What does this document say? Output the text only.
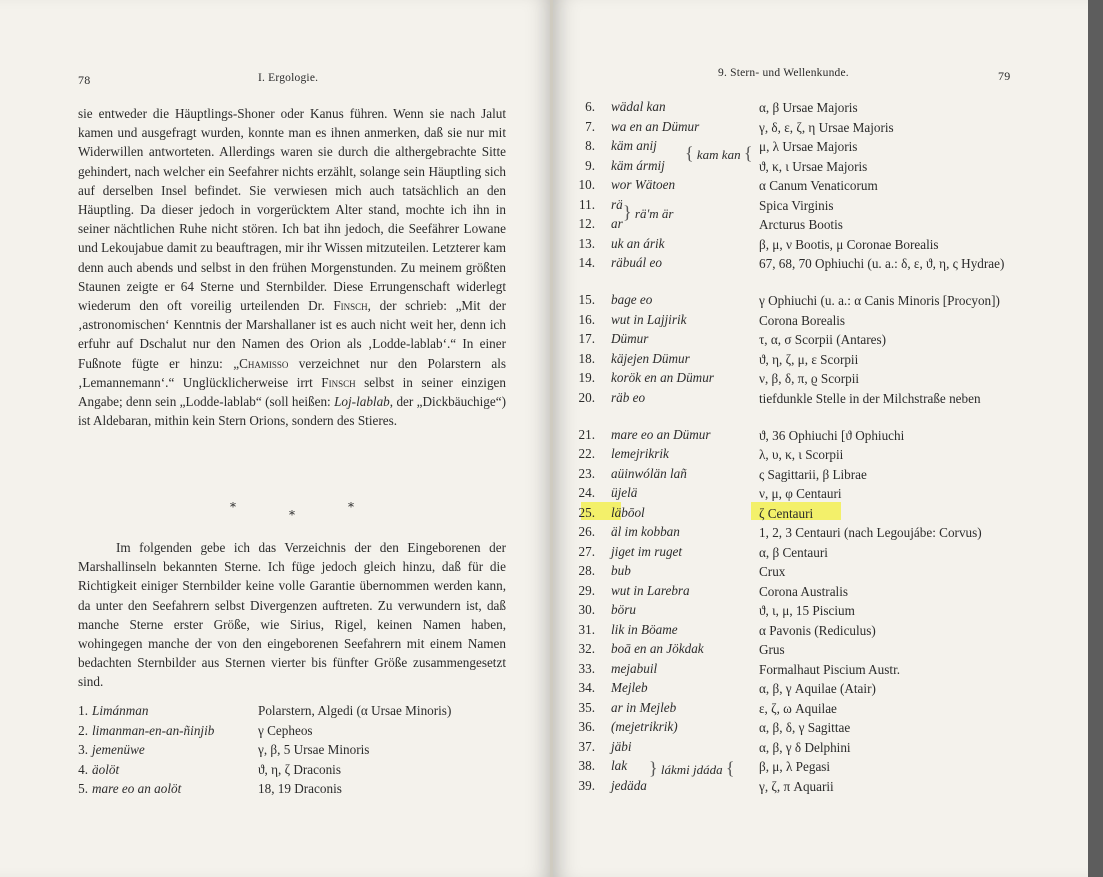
78	I. Ergologie.

sie entweder die Häuptlings-Shoner oder Kanus führen. Wenn sie nach Jalut kamen und ausgefragt wurden, konnte man es ihnen anmerken, daß sie nur mit Widerwillen antworteten. Allerdings waren sie durch die althergebrachte Sitte gehindert, nach welcher ein Seefahrer nichts erzählt, solange sein Häuptling sich auf derselben Insel befindet. Sie verwiesen mich auch tatsächlich an den Häuptling. Da dieser jedoch in vorgerücktem Alter stand, mochte ich ihn in seiner nächtlichen Ruhe nicht stören. Ich bat ihn jedoch, die Seefährer Lowane und Lekoujabue damit zu beauftragen, mir ihr Wissen mitzuteilen. Letzterer kam denn auch abends und selbst in den frühen Morgenstunden. Zu meinem größten Staunen zeigte er 64 Sterne und Sternbilder. Diese Errungenschaft widerlegt wiederum den oft voreilig urteilenden Dr. Finsch, der schrieb: „Mit der ‚astronomischen‘ Kenntnis der Marshallaner ist es auch nicht weit her, denn ich erfuhr auf Dschalut nur den Namen des Orion als ‚Lodde-lablab‘.“ In einer Fußnote fügte er hinzu: „Chamisso verzeichnet nur den Polarstern als ‚Lemannemann‘.“ Unglücklicherweise irrt Finsch selbst in seiner einzigen Angabe; denn sein „Lodde-lablab“ (soll heißen: Loj-lablab, der „Dickbäuchige“) ist Aldebaran, mithin kein Stern Orions, sondern des Stieres.

*
*
*

Im folgenden gebe ich das Verzeichnis der den Eingeborenen der Marshallinseln bekannten Sterne. Ich füge jedoch gleich hinzu, daß für die Richtigkeit einiger Sternbilder keine volle Garantie übernommen werden kann, da unter den Seefahrern selbst Divergenzen auftreten. Zu verwundern ist, daß manche Sterne erster Größe, wie Sirius, Rigel, keinen Namen haben, wohingegen manche der von den eingeborenen Seefahrern mit einem Namen bedachten Sternbilder aus Sternen vierter bis fünfter Größe zusammengesetzt sind.

1. Limánman	Polarstern, Algedi (α Ursae Minoris)
2. limanman-en-an-ñinjib	γ Cepheos
3. jemenüwe	γ, β, 5 Ursae Minoris
4. äolöt	ϑ, η, ζ Draconis
5. mare eo an aolöt	18, 19 Draconis
9. Stern- und Wellenkunde.	79
6. wädal kan	α, β Ursae Majoris
7. wa en an Dümur	γ, δ, ε, ζ, η Ursae Majoris
8. käm anij	μ, λ Ursae Majoris
9. käm ármij	ϑ, κ, ι Ursae Majoris
10. wor Wätoen	α Canum Venaticorum
11. rä	Spica Virginis
12. ar	Arcturus Bootis
13. uk an árik	β, μ, ν Bootis, μ Coronae Borealis
14. räbuál eo	67, 68, 70 Ophiuchi (u. a.: δ, ε, ϑ, η, ς Hydrae)
15. bage eo	γ Ophiuchi (u. a.: α Canis Minoris [Procyon])
16. wut in Lajjirik	Corona Borealis
17. Dümur	τ, α, σ Scorpii (Antares)
18. käjejen Dümur	ϑ, η, ζ, μ, ε Scorpii
19. korök en an Dümur	ν, β, δ, π, ϱ Scorpii
20. räb eo	tiefdunkle Stelle in der Milchstraße neben
21. mare eo an Dümur	ϑ, 36 Ophiuchi [ϑ Ophiuchi
22. lemejrikrik	λ, υ, κ, ι Scorpii
23. aüinwólän lañ	ς Sagittarii, β Librae
24. üjelä	ν, μ, φ Centauri
25. läbōol	ζ Centauri
26. äl im kobban	1, 2, 3 Centauri (nach Legoujábe: Corvus)
27. jiget im ruget	α, β Centauri
28. bub	Crux
29. wut in Larebra	Corona Australis
30. böru	ϑ, ι, μ, 15 Piscium
31. lik in Böame	α Pavonis (Rediculus)
32. boā en an Jökdak	Grus
33. mejabuil	Formalhaut Piscium Austr.
34. Mejleb	α, β, γ Aquilae (Atair)
35. ar in Mejleb	ε, ζ, ω Aquilae
36. (mejetrikrik)	α, β, δ, γ Sagittae
37. jäbi	α, β, γ δ Delphini
38. lak	β, μ, λ Pegasi
39. jedäda	γ, ζ, π Aquarii
{ kam kan {
} rä'm är
} lákmi jdáda {
